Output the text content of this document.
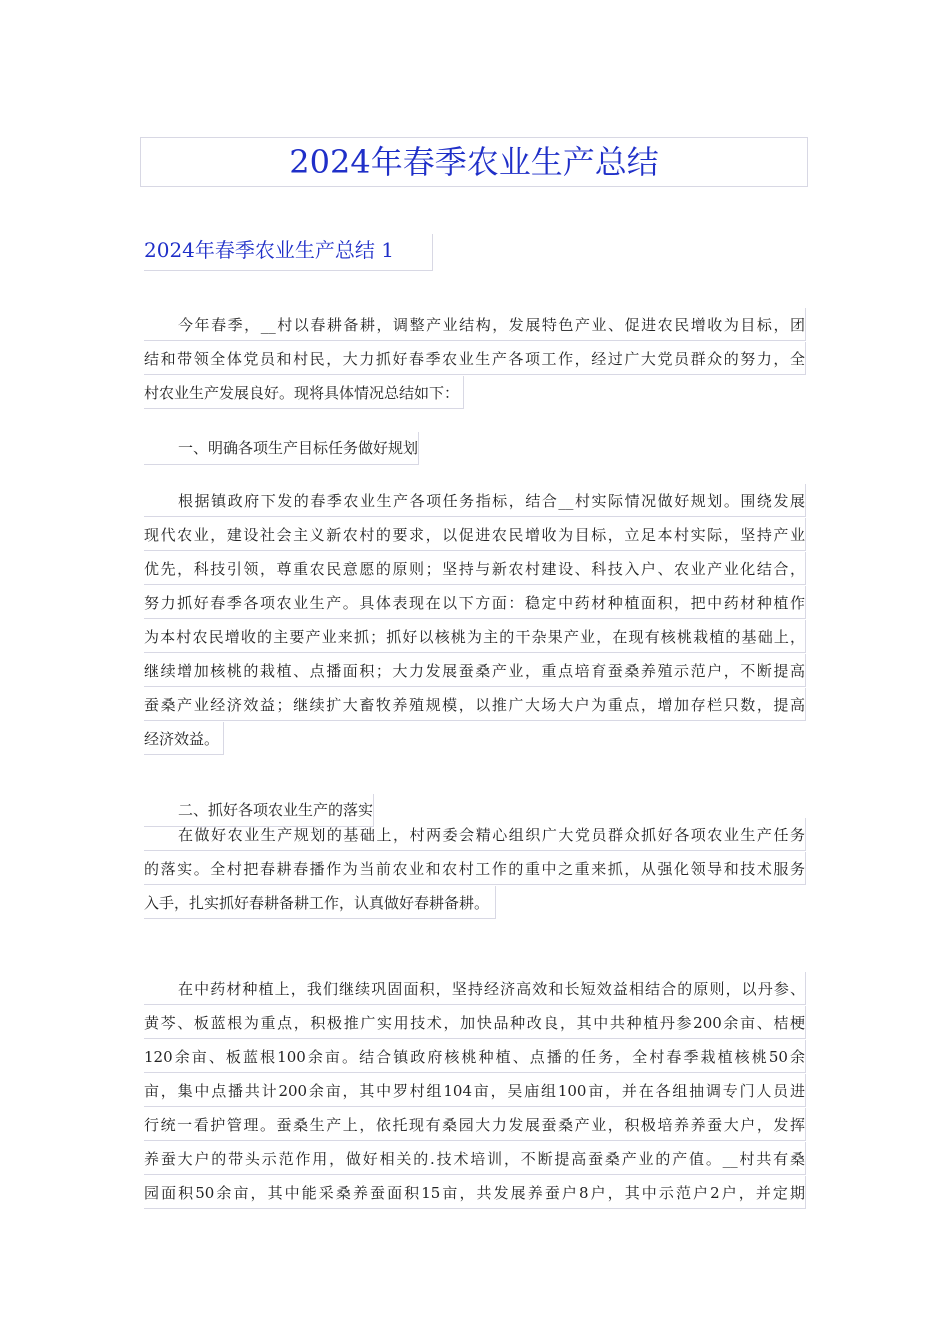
2024年春季农业生产总结
2024年春季农业生产总结 1
今年春季，__村以春耕备耕，调整产业结构，发展特色产业、促进农民增收为目标，团
结和带领全体党员和村民，大力抓好春季农业生产各项工作，经过广大党员群众的努力，全
村农业生产发展良好。现将具体情况总结如下：
一、明确各项生产目标任务做好规划
根据镇政府下发的春季农业生产各项任务指标，结合__村实际情况做好规划。围绕发展
现代农业，建设社会主义新农村的要求，以促进农民增收为目标，立足本村实际，坚持产业
优先，科技引领，尊重农民意愿的原则；坚持与新农村建设、科技入户、农业产业化结合，
努力抓好春季各项农业生产。具体表现在以下方面：稳定中药材种植面积，把中药材种植作
为本村农民增收的主要产业来抓；抓好以核桃为主的干杂果产业，在现有核桃栽植的基础上，
继续增加核桃的栽植、点播面积；大力发展蚕桑产业，重点培育蚕桑养殖示范户，不断提高
蚕桑产业经济效益；继续扩大畜牧养殖规模，以推广大场大户为重点，增加存栏只数，提高
经济效益。
二、抓好各项农业生产的落实
在做好农业生产规划的基础上，村两委会精心组织广大党员群众抓好各项农业生产任务
的落实。全村把春耕春播作为当前农业和农村工作的重中之重来抓，从强化领导和技术服务
入手，扎实抓好春耕备耕工作，认真做好春耕备耕。
在中药材种植上，我们继续巩固面积，坚持经济高效和长短效益相结合的原则，以丹参、
黄芩、板蓝根为重点，积极推广实用技术，加快品种改良，其中共种植丹参200余亩、桔梗
120余亩、板蓝根100余亩。结合镇政府核桃种植、点播的任务，全村春季栽植核桃50余
亩，集中点播共计200余亩，其中罗村组104亩，吴庙组100亩，并在各组抽调专门人员进
行统一看护管理。蚕桑生产上，依托现有桑园大力发展蚕桑产业，积极培养养蚕大户，发挥
养蚕大户的带头示范作用，做好相关的.技术培训，不断提高蚕桑产业的产值。__村共有桑
园面积50余亩，其中能采桑养蚕面积15亩，共发展养蚕户8户，其中示范户2户，并定期
